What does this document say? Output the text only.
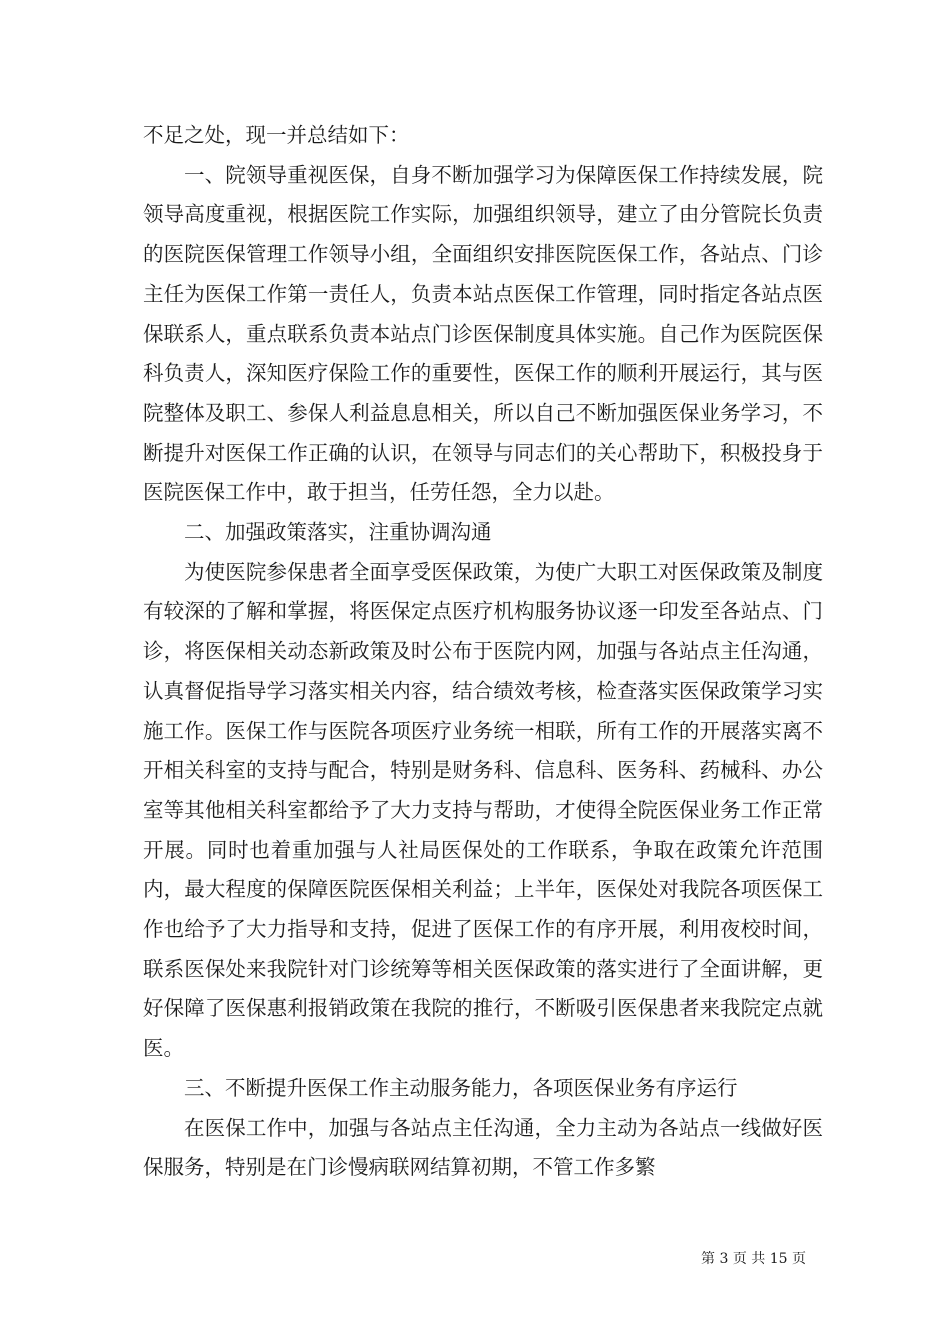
不足之处，现一并总结如下：

一、院领导重视医保，自身不断加强学习为保障医保工作持续发展，院领导高度重视，根据医院工作实际，加强组织领导，建立了由分管院长负责的医院医保管理工作领导小组，全面组织安排医院医保工作，各站点、门诊主任为医保工作第一责任人，负责本站点医保工作管理，同时指定各站点医保联系人，重点联系负责本站点门诊医保制度具体实施。自己作为医院医保科负责人，深知医疗保险工作的重要性，医保工作的顺利开展运行，其与医院整体及职工、参保人利益息息相关，所以自己不断加强医保业务学习，不断提升对医保工作正确的认识，在领导与同志们的关心帮助下，积极投身于医院医保工作中，敢于担当，任劳任怨，全力以赴。

二、加强政策落实，注重协调沟通

为使医院参保患者全面享受医保政策，为使广大职工对医保政策及制度有较深的了解和掌握，将医保定点医疗机构服务协议逐一印发至各站点、门诊，将医保相关动态新政策及时公布于医院内网，加强与各站点主任沟通，认真督促指导学习落实相关内容，结合绩效考核，检查落实医保政策学习实施工作。医保工作与医院各项医疗业务统一相联，所有工作的开展落实离不开相关科室的支持与配合，特别是财务科、信息科、医务科、药械科、办公室等其他相关科室都给予了大力支持与帮助，才使得全院医保业务工作正常开展。同时也着重加强与人社局医保处的工作联系，争取在政策允许范围内，最大程度的保障医院医保相关利益；上半年，医保处对我院各项医保工作也给予了大力指导和支持，促进了医保工作的有序开展，利用夜校时间，联系医保处来我院针对门诊统筹等相关医保政策的落实进行了全面讲解，更好保障了医保惠利报销政策在我院的推行，不断吸引医保患者来我院定点就医。

三、不断提升医保工作主动服务能力，各项医保业务有序运行

在医保工作中，加强与各站点主任沟通，全力主动为各站点一线做好医保服务，特别是在门诊慢病联网结算初期，不管工作多繁

第 3 页 共 15 页
